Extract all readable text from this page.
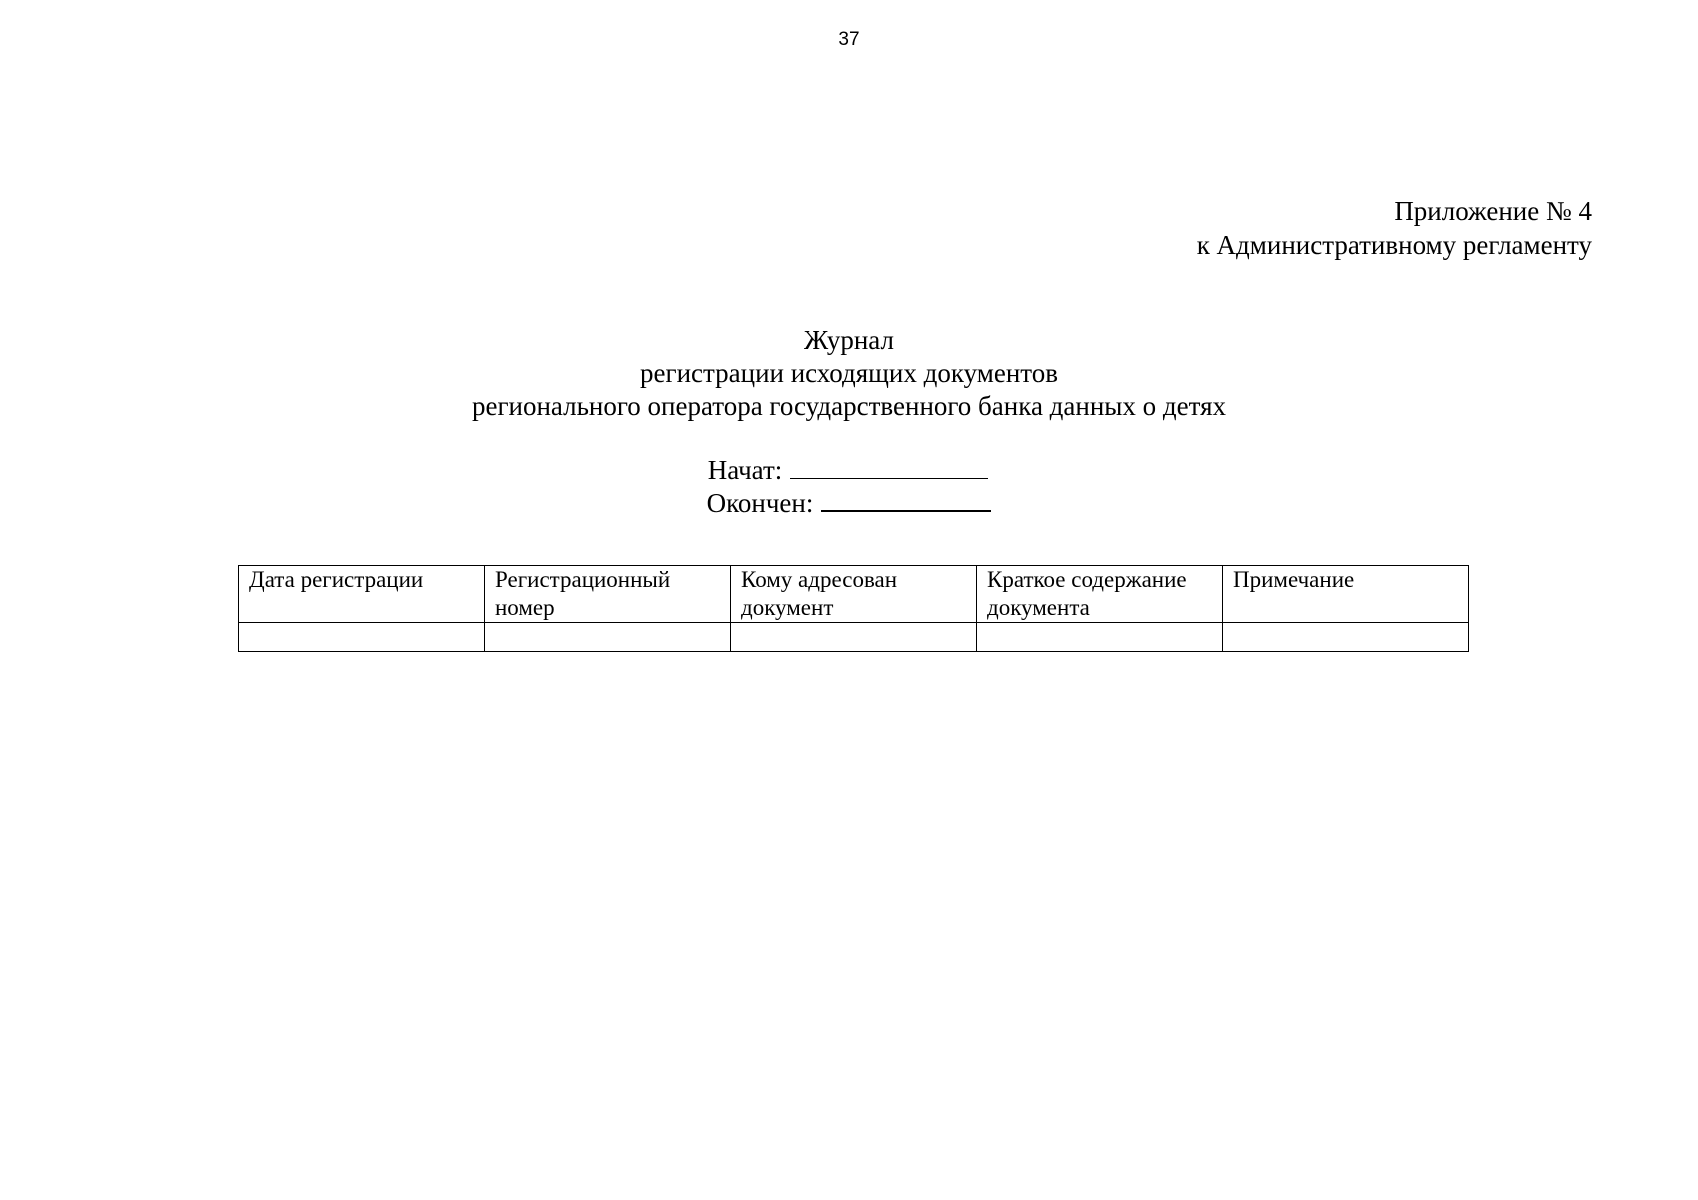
37
Приложение № 4
к Административному регламенту
Журнал
регистрации исходящих документов
регионального оператора государственного банка данных о детях
Начат:
Окончен:
Дата регистрации	Регистрационный номер	Кому адресован документ	Краткое содержание документа	Примечание
